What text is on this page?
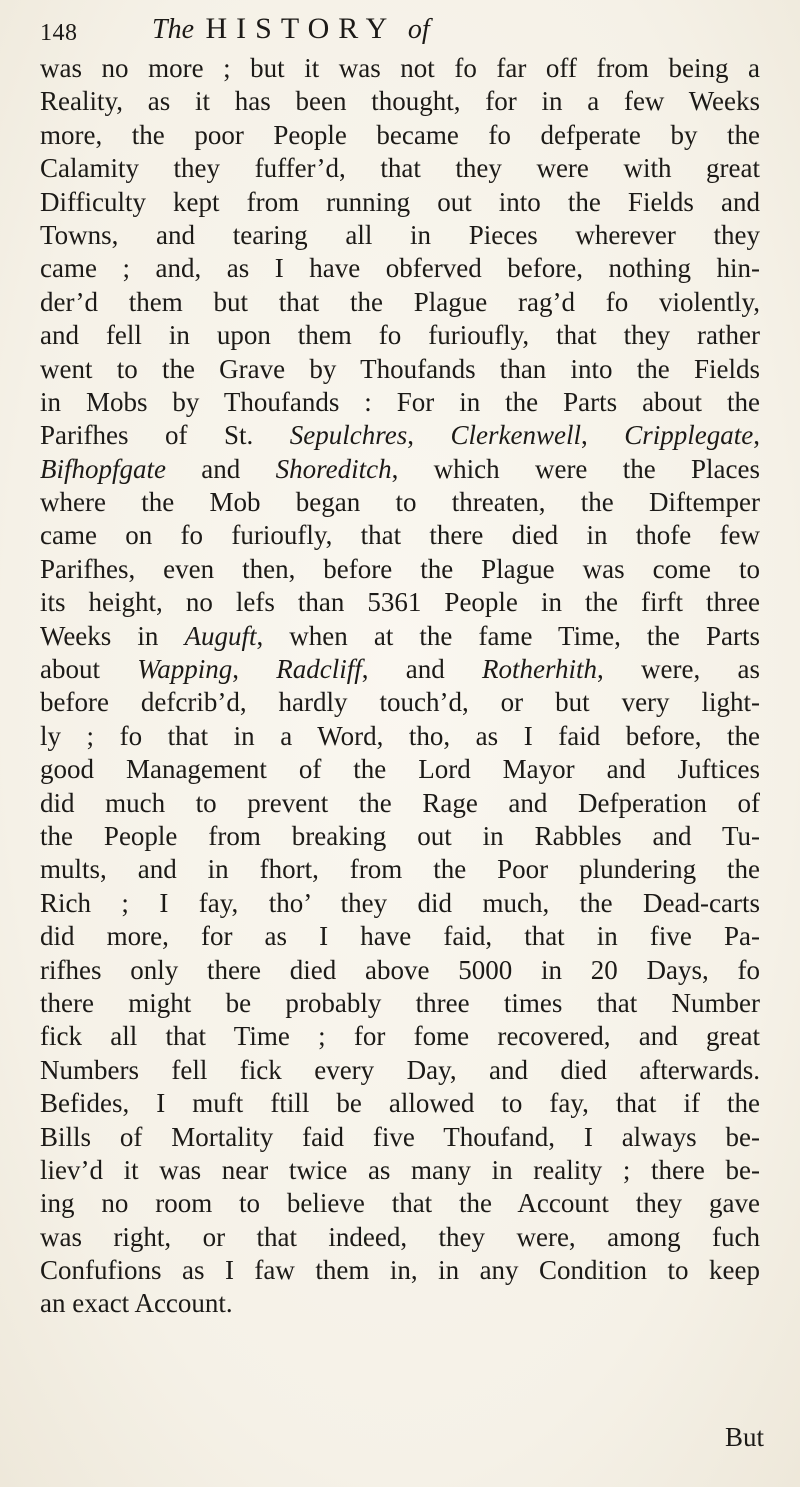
148	The HISTORY of
was no more ; but it was not fo far off from being a
Reality, as it has been thought, for in a few Weeks
more, the poor People became fo defperate by the
Calamity they fuffer’d, that they were with great
Difficulty kept from running out into the Fields and
Towns, and tearing all in Pieces wherever they
came ; and, as I have obferved before, nothing hin-
der’d them but that the Plague rag’d fo violently,
and fell in upon them fo furioufly, that they rather
went to the Grave by Thoufands than into the Fields
in Mobs by Thoufands : For in the Parts about the
Parifhes of St. Sepulchres, Clerkenwell, Cripplegate,
Bifhopfgate and Shoreditch, which were the Places
where the Mob began to threaten, the Diftemper
came on fo furioufly, that there died in thofe few
Parifhes, even then, before the Plague was come to
its height, no lefs than 5361 People in the firft three
Weeks in Auguft, when at the fame Time, the Parts
about Wapping, Radcliff, and Rotherhith, were, as
before defcrib’d, hardly touch’d, or but very light-
ly ; fo that in a Word, tho, as I faid before, the
good Management of the Lord Mayor and Juftices
did much to prevent the Rage and Defperation of
the People from breaking out in Rabbles and Tu-
mults, and in fhort, from the Poor plundering the
Rich ; I fay, tho’ they did much, the Dead-carts
did more, for as I have faid, that in five Pa-
rifhes only there died above 5000 in 20 Days, fo
there might be probably three times that Number
fick all that Time ; for fome recovered, and great
Numbers fell fick every Day, and died afterwards.
Befides, I muft ftill be allowed to fay, that if the
Bills of Mortality faid five Thoufand, I always be-
liev’d it was near twice as many in reality ; there be-
ing no room to believe that the Account they gave
was right, or that indeed, they were, among fuch
Confufions as I faw them in, in any Condition to keep
an exact Account.
But
